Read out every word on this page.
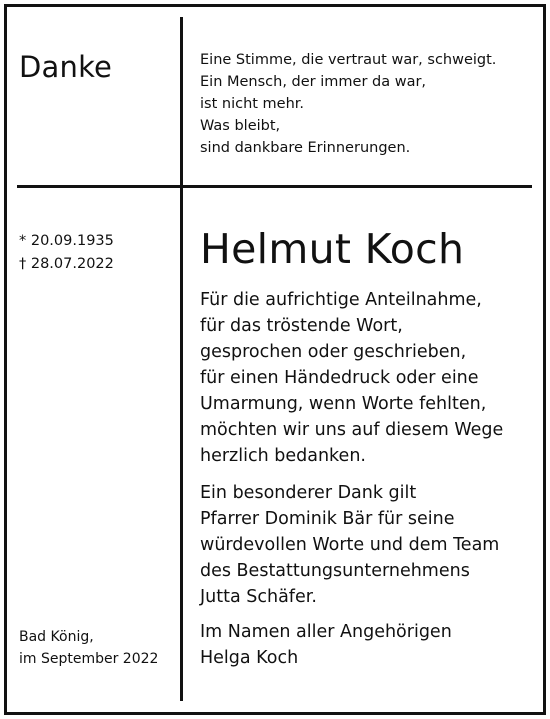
Danke	Eine Stimme, die vertraut war, schweigt.
Ein Mensch, der immer da war,
ist nicht mehr.
Was bleibt,
sind dankbare Erinnerungen.
* 20.09.1935
† 28.07.2022 Helmut Koch
Für die aufrichtige Anteilnahme,
für das tröstende Wort,
gesprochen oder geschrieben,
für einen Händedruck oder eine
Umarmung, wenn Worte fehlten,
möchten wir uns auf diesem Wege
herzlich bedanken.
Ein besonderer Dank gilt
Pfarrer Dominik Bär für seine
würdevollen Worte und dem Team
des Bestattungsunternehmens
Jutta Schäfer.
Im Namen aller Angehörigen
Helga Koch
Bad König,
im September 2022
